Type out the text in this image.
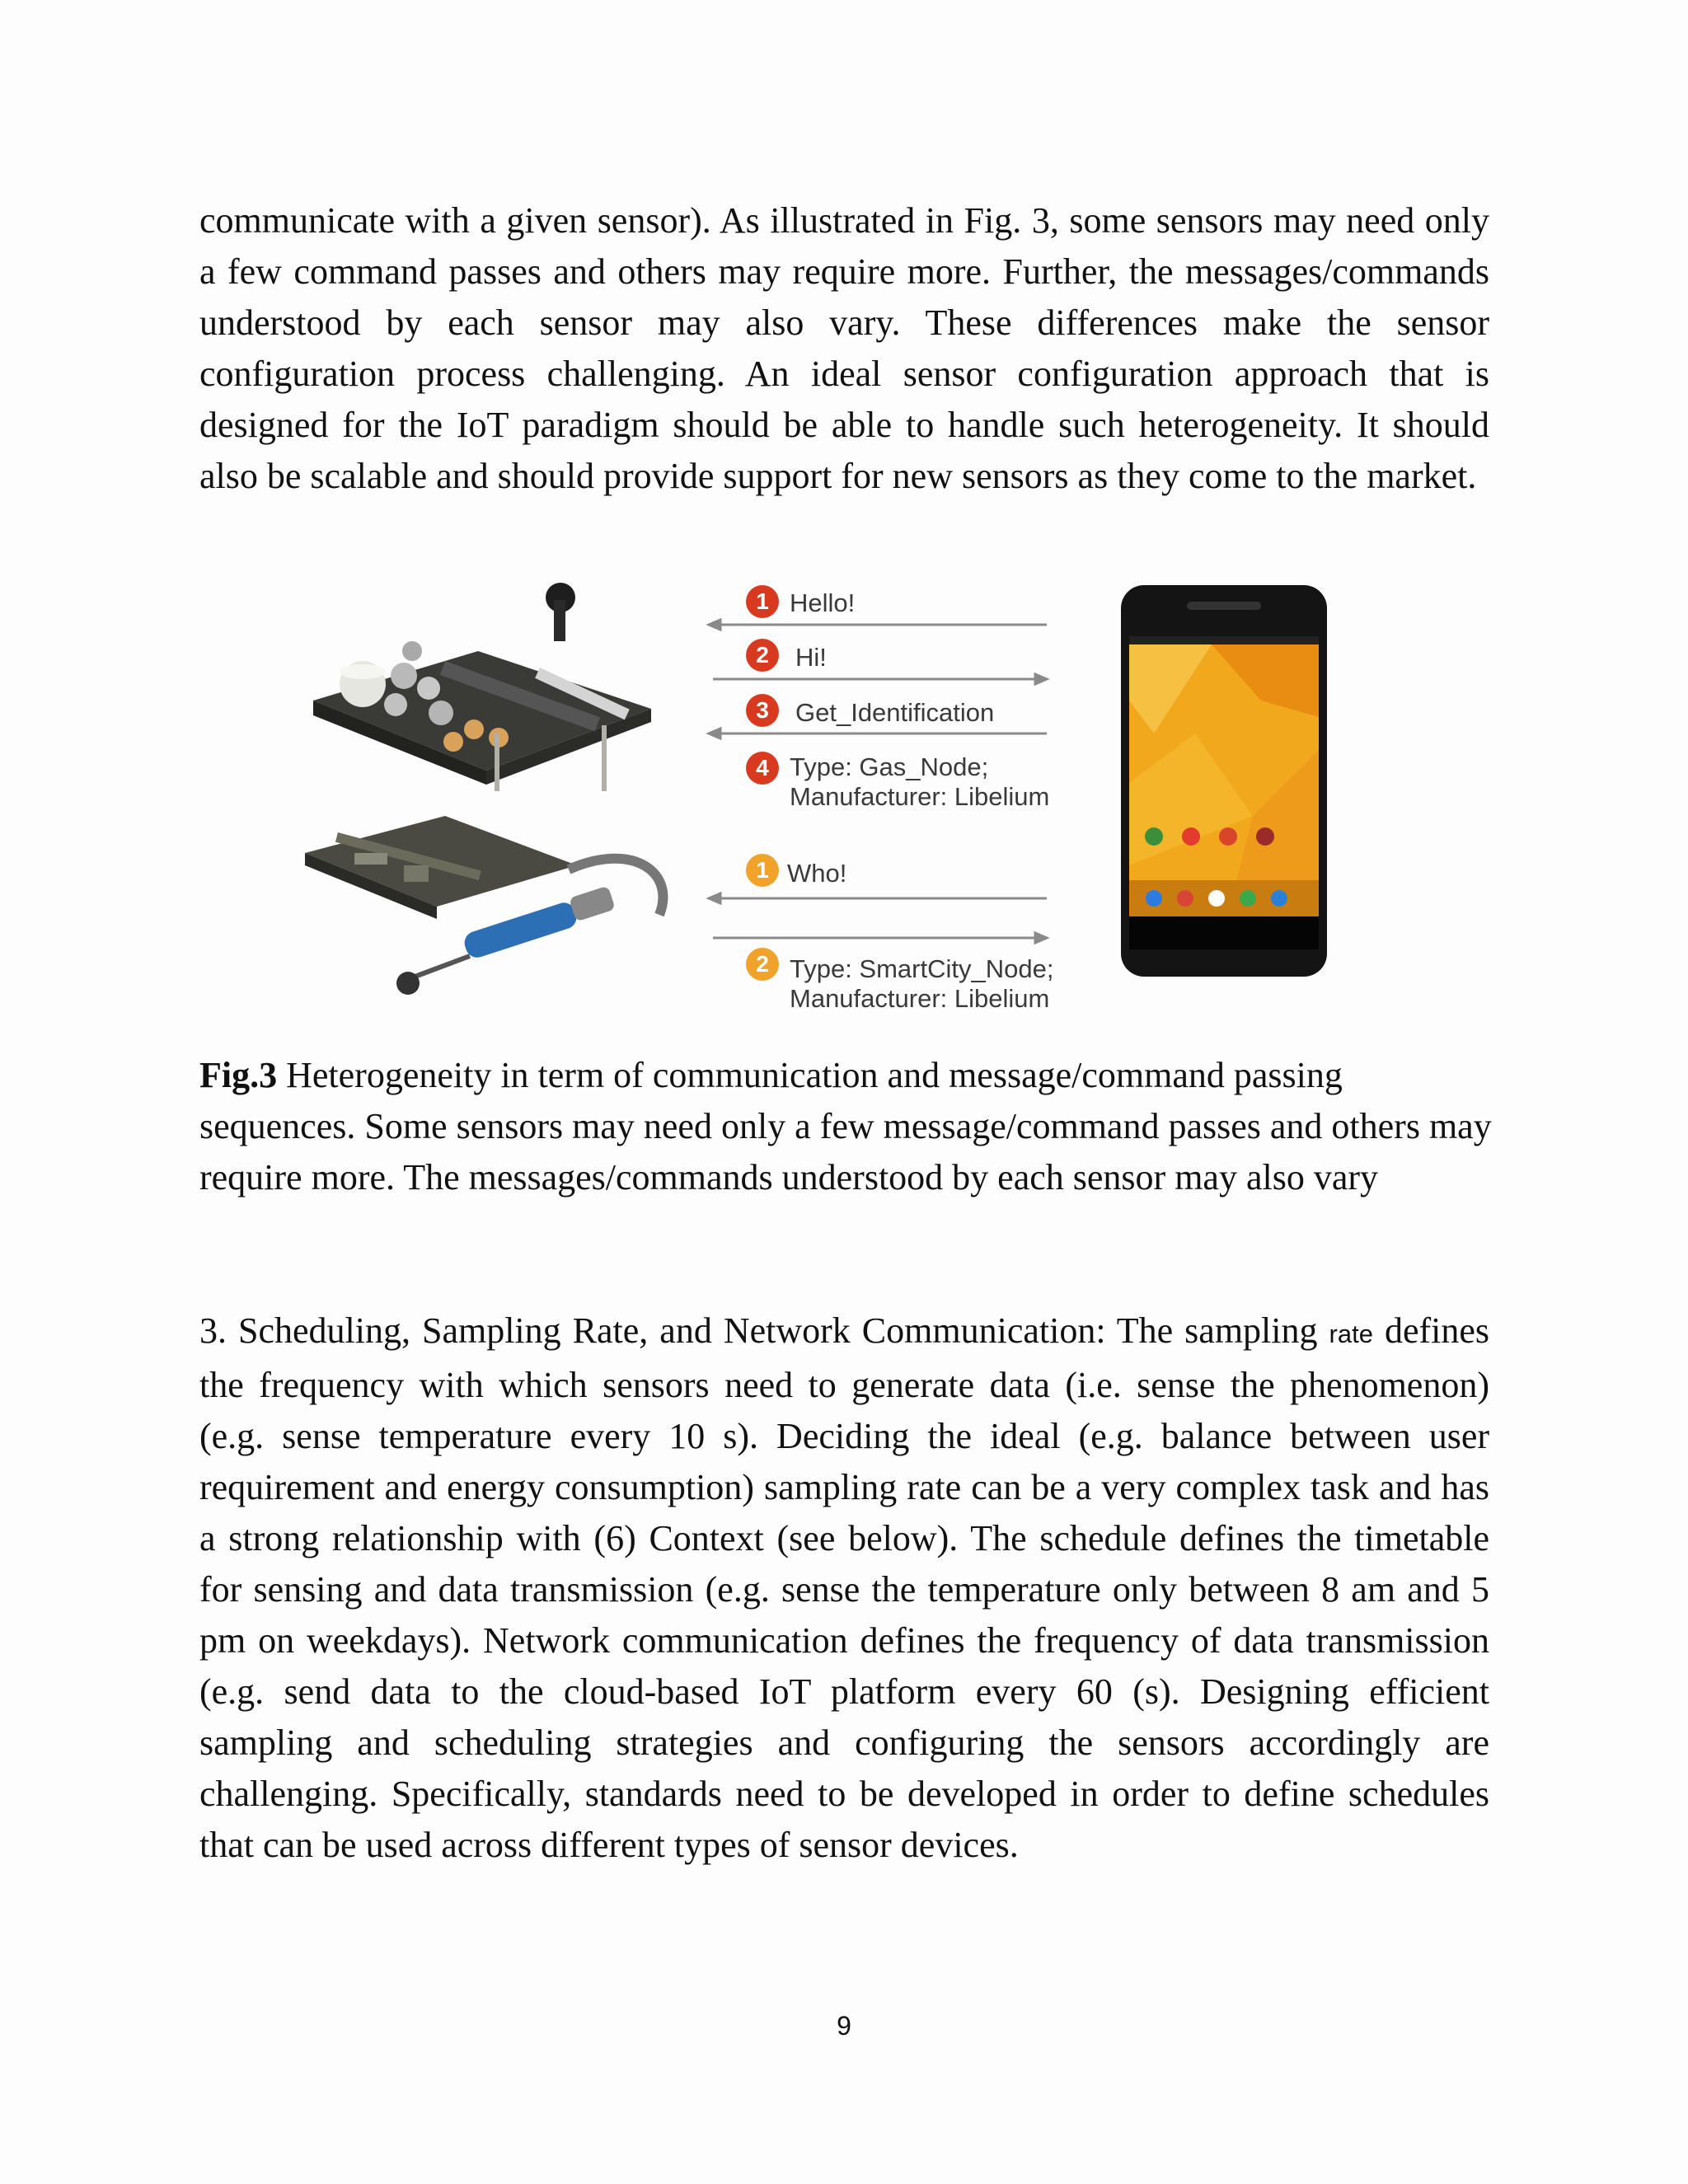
communicate with a given sensor). As illustrated in Fig. 3, some sensors may need only a few command passes and others may require more. Further, the messages/commands understood by each sensor may also vary. These differences make the sensor configuration process challenging. An ideal sensor configuration approach that is designed for the IoT paradigm should be able to handle such heterogeneity. It should also be scalable and should provide support for new sensors as they come to the market.

1 Hello!
2	Hi!
3	Get_Identification
4 Type: Gas_Node;
Manufacturer: Libelium
1 Who!
2 Type: SmartCity_Node;
Manufacturer: Libelium

Fig.3 Heterogeneity in term of communication and message/command passing sequences. Some sensors may need only a few message/command passes and others may require more. The messages/commands understood by each sensor may also vary

3. Scheduling, Sampling Rate, and Network Communication: The sampling rate defines the frequency with which sensors need to generate data (i.e. sense the phenomenon) (e.g. sense temperature every 10 s). Deciding the ideal (e.g. balance between user requirement and energy consumption) sampling rate can be a very complex task and has a strong relationship with (6) Context (see below). The schedule defines the timetable for sensing and data transmission (e.g. sense the temperature only between 8 am and 5 pm on weekdays). Network communication defines the frequency of data transmission (e.g. send data to the cloud-based IoT platform every 60 (s). Designing efficient sampling and scheduling strategies and configuring the sensors accordingly are challenging. Specifically, standards need to be developed in order to define schedules that can be used across different types of sensor devices.

9
